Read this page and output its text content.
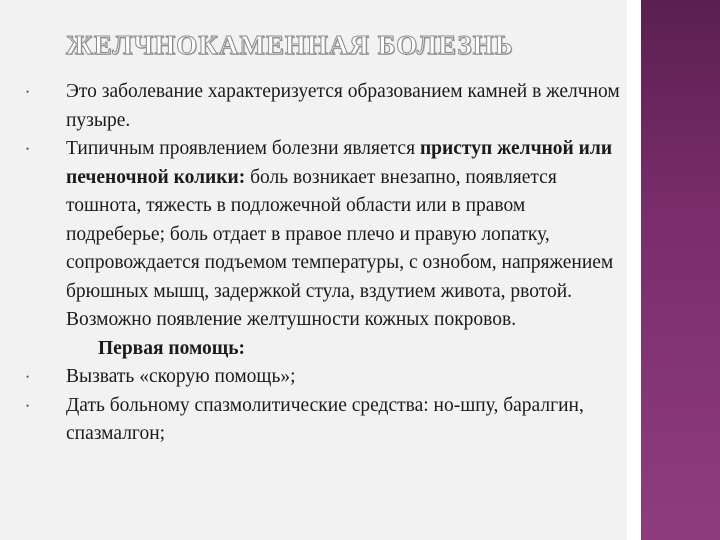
ЖЕЛЧНОКАМЕННАЯ БОЛЕЗНЬ
• Это заболевание характеризуется образованием камней в желчном пузыре.
• Типичным проявлением болезни является приступ желчной или печеночной колики: боль возникает внезапно, появляется тошнота, тяжесть в подложечной области или в правом подреберье; боль отдает в правое плечо и правую лопатку, сопровождается подъемом температуры, с ознобом, напряжением брюшных мышц, задержкой стула, вздутием живота, рвотой. Возможно появление желтушности кожных покровов.
Первая помощь:
• Вызвать «скорую помощь»;
• Дать больному спазмолитические средства: но-шпу, баралгин, спазмалгон;
